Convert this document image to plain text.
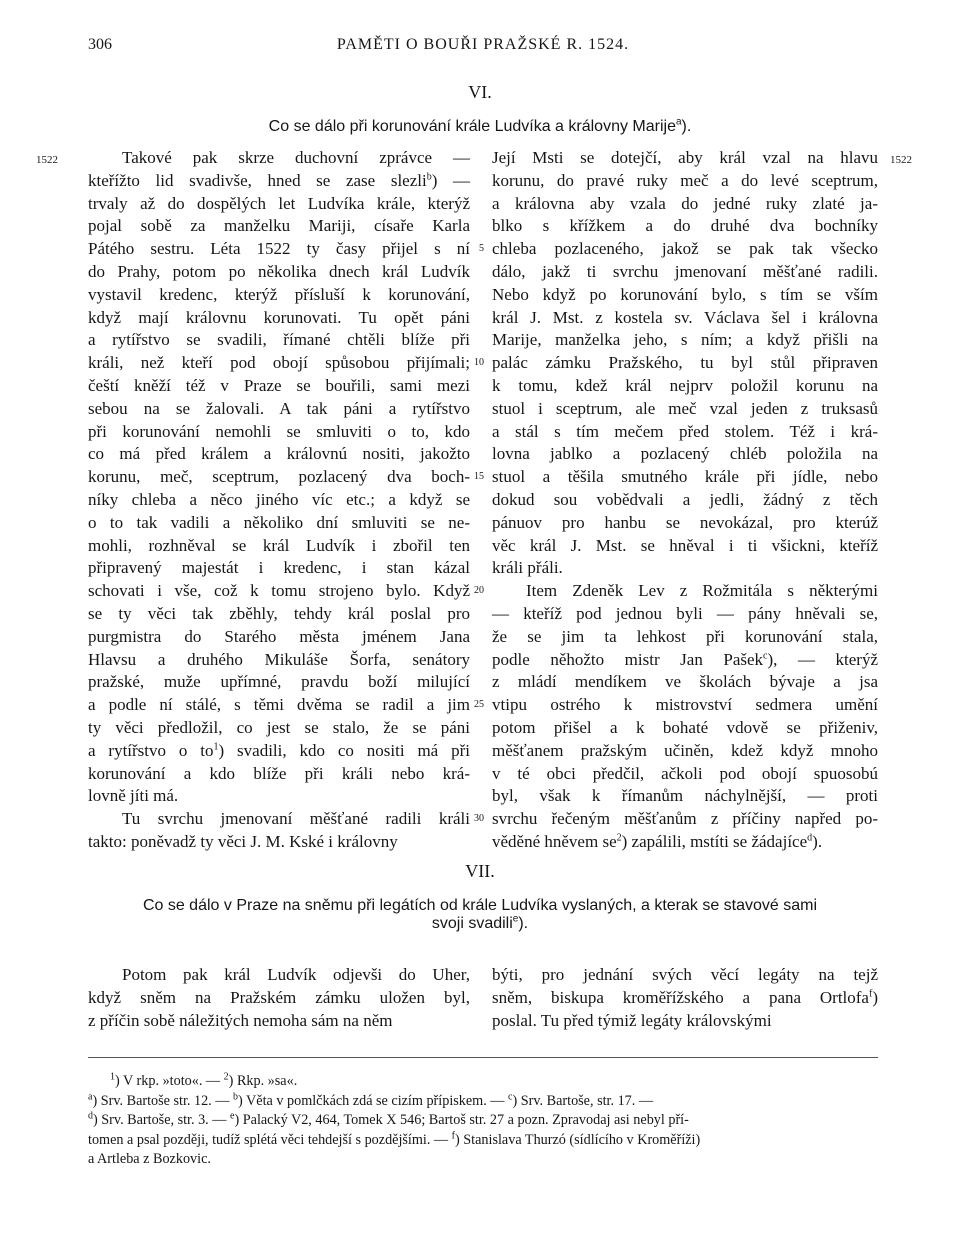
306	PAMĚTI O BOUŘI PRAŽSKÉ R. 1524.
VI.
Co se dálo při korunování krále Ludvíka a královny Marije$^a$).
1522	1522
Takové pak skrze duchovní zprávce —
kteřížto lid svadivše, hned se zase slezli$^b$) —
trvaly až do dospělých let Ludvíka krále, kterýž
pojal sobě za manželku Mariji, císaře Karla
Pátého sestru. Léta 1522 ty časy přijel s ní
do Prahy, potom po několika dnech král Ludvík
vystavil kredenc, kterýž přísluší k korunování,
když mají královnu korunovati. Tu opět páni
a rytířstvo se svadili, římané chtěli blíže při
králi, než kteří pod obojí spůsobou přijímali;
čeští kněží též v Praze se bouřili, sami mezi
sebou na se žalovali. A tak páni a rytířstvo
při korunování nemohli se smluviti o to, kdo
co má před králem a královnú nositi, jakožto
korunu, meč, sceptrum, pozlacený dva boch-
níky chleba a něco jiného víc etc.; a když se
o to tak vadili a několiko dní smluviti se ne-
mohli, rozhněval se král Ludvík i zbořil ten
připravený majestát i kredenc, i stan kázal
schovati i vše, což k tomu strojeno bylo. Když
se ty věci tak zběhly, tehdy král poslal pro
purgmistra do Starého města jménem Jana
Hlavsu a druhého Mikuláše Šorfa, senátory
pražské, muže upřímné, pravdu boží milující
a podle ní stálé, s těmi dvěma se radil a jim
ty věci předložil, co jest se stalo, že se páni
a rytířstvo o $to^1$) svadili, kdo co nositi má při
korunování a kdo blíže při králi nebo krá-
lovně jíti má.
Tu svrchu jmenovaní měšťané radili králi
takto: poněvadž ty věci J. M. Kské i královny
Její Msti se dotejčí, aby král vzal na hlavu
korunu, do pravé ruky meč a do levé sceptrum,
a královna aby vzala do jedné ruky zlaté ja-
blko s křížkem a do druhé dva bochníky
chleba pozlaceného, jakož se pak tak všecko
dálo, jakž ti svrchu jmenovaní měšťané radili.
Nebo když po korunování bylo, s tím se vším
král J. Mst. z kostela sv. Václava šel i královna
Marije, manželka jeho, s ním; a když přišli na
palác zámku Pražského, tu byl stůl připraven
k tomu, kdež král nejprv položil korunu na
stuol i sceptrum, ale meč vzal jeden z truksasů
a stál s tím mečem před stolem. Též i krá-
lovna jablko a pozlacený chléb položila na
stuol a těšila smutného krále při jídle, nebo
dokud sou vobědvali a jedli, žádný z těch
pánuov pro hanbu se nevokázal, pro kterúž
věc král J. Mst. se hněval i ti všickni, kteříž
králi přáli.
Item Zdeněk Lev z Rožmitála s některými
— kteříž pod jednou byli — pány hněvali se,
že se jim ta lehkost při korunování stala,
podle něhožto mistr Jan Pašek$^c$), — kterýž
z mládí mendíkem ve školách bývaje a jsa
vtipu ostrého k mistrovství sedmera umění
potom přišel a k bohaté vdově se přiženiv,
měšťanem pražským učiněn, kdež když mnoho
v té obci předčil, ačkoli pod obojí spuosobú
byl, však k římanům náchylnější, — proti
svrchu řečeným měšťanům z příčiny napřed po-
věděné hněvem $se^2$) zapálili, mstíti se žádajíce$^d$).
5
10
15
20
25
30
VII.
Co se dálo v Praze na sněmu při legátích od krále Ludvíka vyslaných, a kterak se stavové sami
svoji svadili$^e$).
Potom pak král Ludvík odjevši do Uher,
když sněm na Pražském zámku uložen byl,
z příčin sobě náležitých nemoha sám na něm
býti, pro jednání svých věcí legáty na tejž
sněm, biskupa kroměřížského a pana Ortlofa$^f$)
poslal. Tu před týmiž legáty královskými
$^1$) V rkp. »toto«. — $^2$) Rkp. »sa«.
$^a$) Srv. Bartoše str. 12. — $^b$) Věta v pomlčkách zdá se cizím přípiskem. — $^c$) Srv. Bartoše, str. 17. —
$^d$) Srv. Bartoše, str. 3. — $^e$) Palacký V2, 464, Tomek X 546; Bartoš str. 27 a pozn. Zpravodaj asi nebyl pří-
tomen a psal později, tudíž splétá věci tehdejší s pozdějšími. — $^f$) Stanislava Thurzó (sídlícího v Kroměříži)
a Artleba z Bozkovic.
